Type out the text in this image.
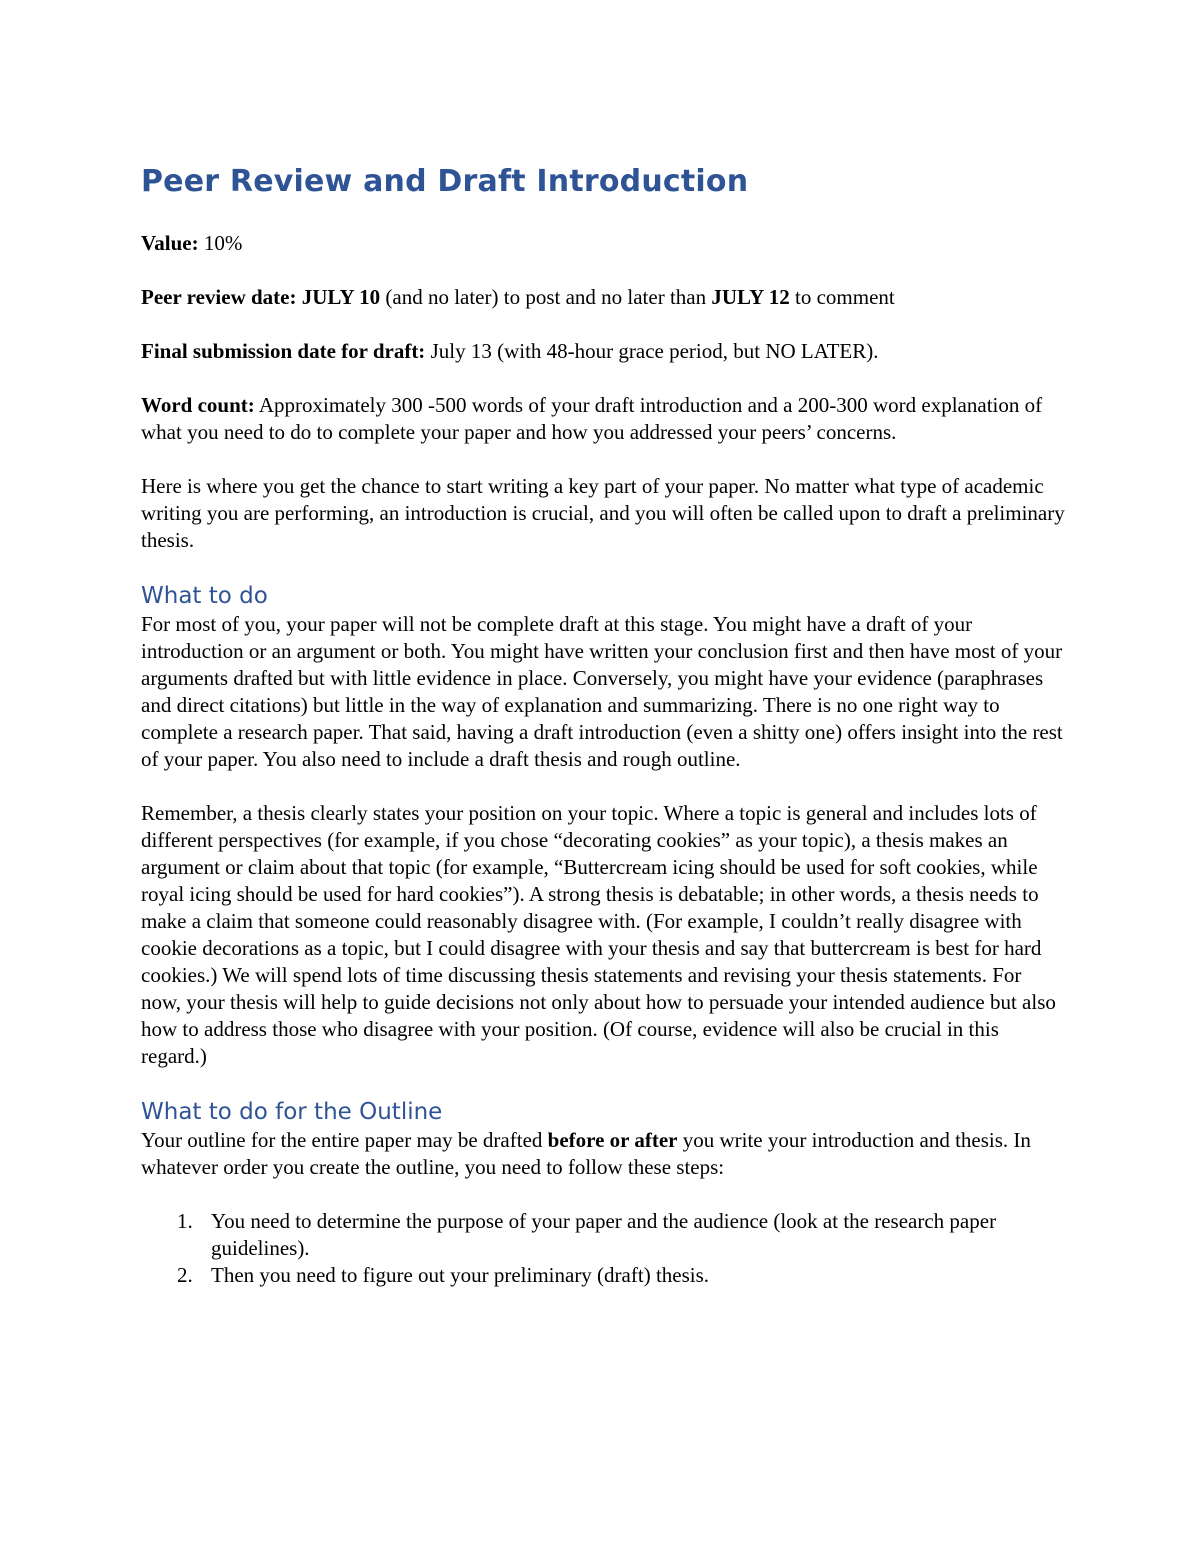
Peer Review and Draft Introduction

Value: 10%

Peer review date: JULY 10 (and no later) to post and no later than JULY 12 to comment

Final submission date for draft: July 13 (with 48-hour grace period, but NO LATER).

Word count: Approximately 300 -500 words of your draft introduction and a 200-300 word explanation of what you need to do to complete your paper and how you addressed your peers’ concerns.

Here is where you get the chance to start writing a key part of your paper. No matter what type of academic writing you are performing, an introduction is crucial, and you will often be called upon to draft a preliminary thesis.

What to do

For most of you, your paper will not be complete draft at this stage. You might have a draft of your introduction or an argument or both. You might have written your conclusion first and then have most of your arguments drafted but with little evidence in place. Conversely, you might have your evidence (paraphrases and direct citations) but little in the way of explanation and summarizing. There is no one right way to complete a research paper. That said, having a draft introduction (even a shitty one) offers insight into the rest of your paper. You also need to include a draft thesis and rough outline.

Remember, a thesis clearly states your position on your topic. Where a topic is general and includes lots of different perspectives (for example, if you chose “decorating cookies” as your topic), a thesis makes an argument or claim about that topic (for example, “Buttercream icing should be used for soft cookies, while royal icing should be used for hard cookies”). A strong thesis is debatable; in other words, a thesis needs to make a claim that someone could reasonably disagree with. (For example, I couldn’t really disagree with cookie decorations as a topic, but I could disagree with your thesis and say that buttercream is best for hard cookies.) We will spend lots of time discussing thesis statements and revising your thesis statements. For now, your thesis will help to guide decisions not only about how to persuade your intended audience but also how to address those who disagree with your position. (Of course, evidence will also be crucial in this regard.)

What to do for the Outline

Your outline for the entire paper may be drafted before or after you write your introduction and thesis. In whatever order you create the outline, you need to follow these steps:

1. You need to determine the purpose of your paper and the audience (look at the research paper guidelines).
2. Then you need to figure out your preliminary (draft) thesis.
